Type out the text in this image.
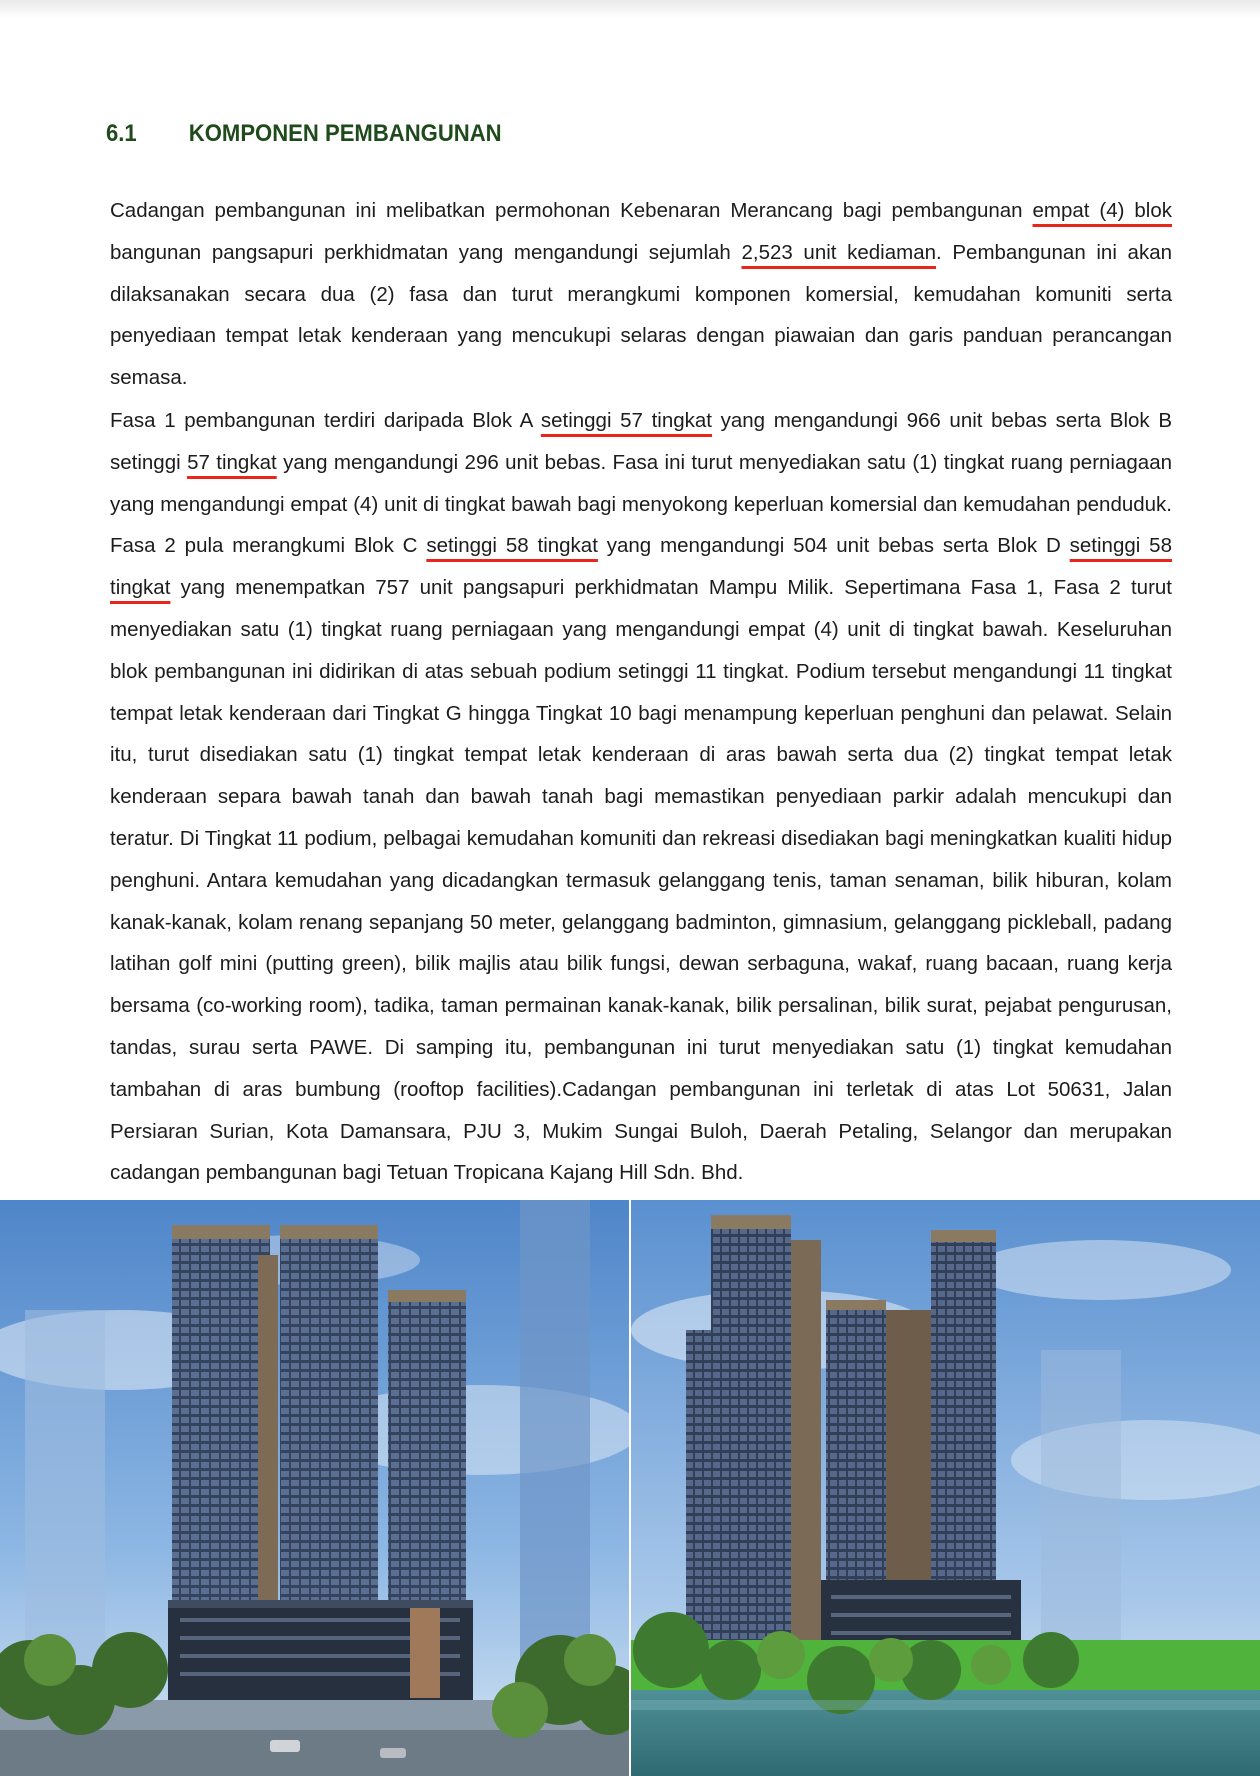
6.1 KOMPONEN PEMBANGUNAN
Cadangan pembangunan ini melibatkan permohonan Kebenaran Merancang bagi pembangunan empat (4) blok bangunan pangsapuri perkhidmatan yang mengandungi sejumlah 2,523 unit kediaman. Pembangunan ini akan dilaksanakan secara dua (2) fasa dan turut merangkumi komponen komersial, kemudahan komuniti serta penyediaan tempat letak kenderaan yang mencukupi selaras dengan piawaian dan garis panduan perancangan semasa.
Fasa 1 pembangunan terdiri daripada Blok A setinggi 57 tingkat yang mengandungi 966 unit bebas serta Blok B setinggi 57 tingkat yang mengandungi 296 unit bebas. Fasa ini turut menyediakan satu (1) tingkat ruang perniagaan yang mengandungi empat (4) unit di tingkat bawah bagi menyokong keperluan komersial dan kemudahan penduduk. Fasa 2 pula merangkumi Blok C setinggi 58 tingkat yang mengandungi 504 unit bebas serta Blok D setinggi 58 tingkat yang menempatkan 757 unit pangsapuri perkhidmatan Mampu Milik. Sepertimana Fasa 1, Fasa 2 turut menyediakan satu (1) tingkat ruang perniagaan yang mengandungi empat (4) unit di tingkat bawah. Keseluruhan blok pembangunan ini didirikan di atas sebuah podium setinggi 11 tingkat. Podium tersebut mengandungi 11 tingkat tempat letak kenderaan dari Tingkat G hingga Tingkat 10 bagi menampung keperluan penghuni dan pelawat. Selain itu, turut disediakan satu (1) tingkat tempat letak kenderaan di aras bawah serta dua (2) tingkat tempat letak kenderaan separa bawah tanah dan bawah tanah bagi memastikan penyediaan parkir adalah mencukupi dan teratur. Di Tingkat 11 podium, pelbagai kemudahan komuniti dan rekreasi disediakan bagi meningkatkan kualiti hidup penghuni. Antara kemudahan yang dicadangkan termasuk gelanggang tenis, taman senaman, bilik hiburan, kolam kanak-kanak, kolam renang sepanjang 50 meter, gelanggang badminton, gimnasium, gelanggang pickleball, padang latihan golf mini (putting green), bilik majlis atau bilik fungsi, dewan serbaguna, wakaf, ruang bacaan, ruang kerja bersama (co-working room), tadika, taman permainan kanak-kanak, bilik persalinan, bilik surat, pejabat pengurusan, tandas, surau serta PAWE. Di samping itu, pembangunan ini turut menyediakan satu (1) tingkat kemudahan tambahan di aras bumbung (rooftop facilities).Cadangan pembangunan ini terletak di atas Lot 50631, Jalan Persiaran Surian, Kota Damansara, PJU 3, Mukim Sungai Buloh, Daerah Petaling, Selangor dan merupakan cadangan pembangunan bagi Tetuan Tropicana Kajang Hill Sdn. Bhd.
